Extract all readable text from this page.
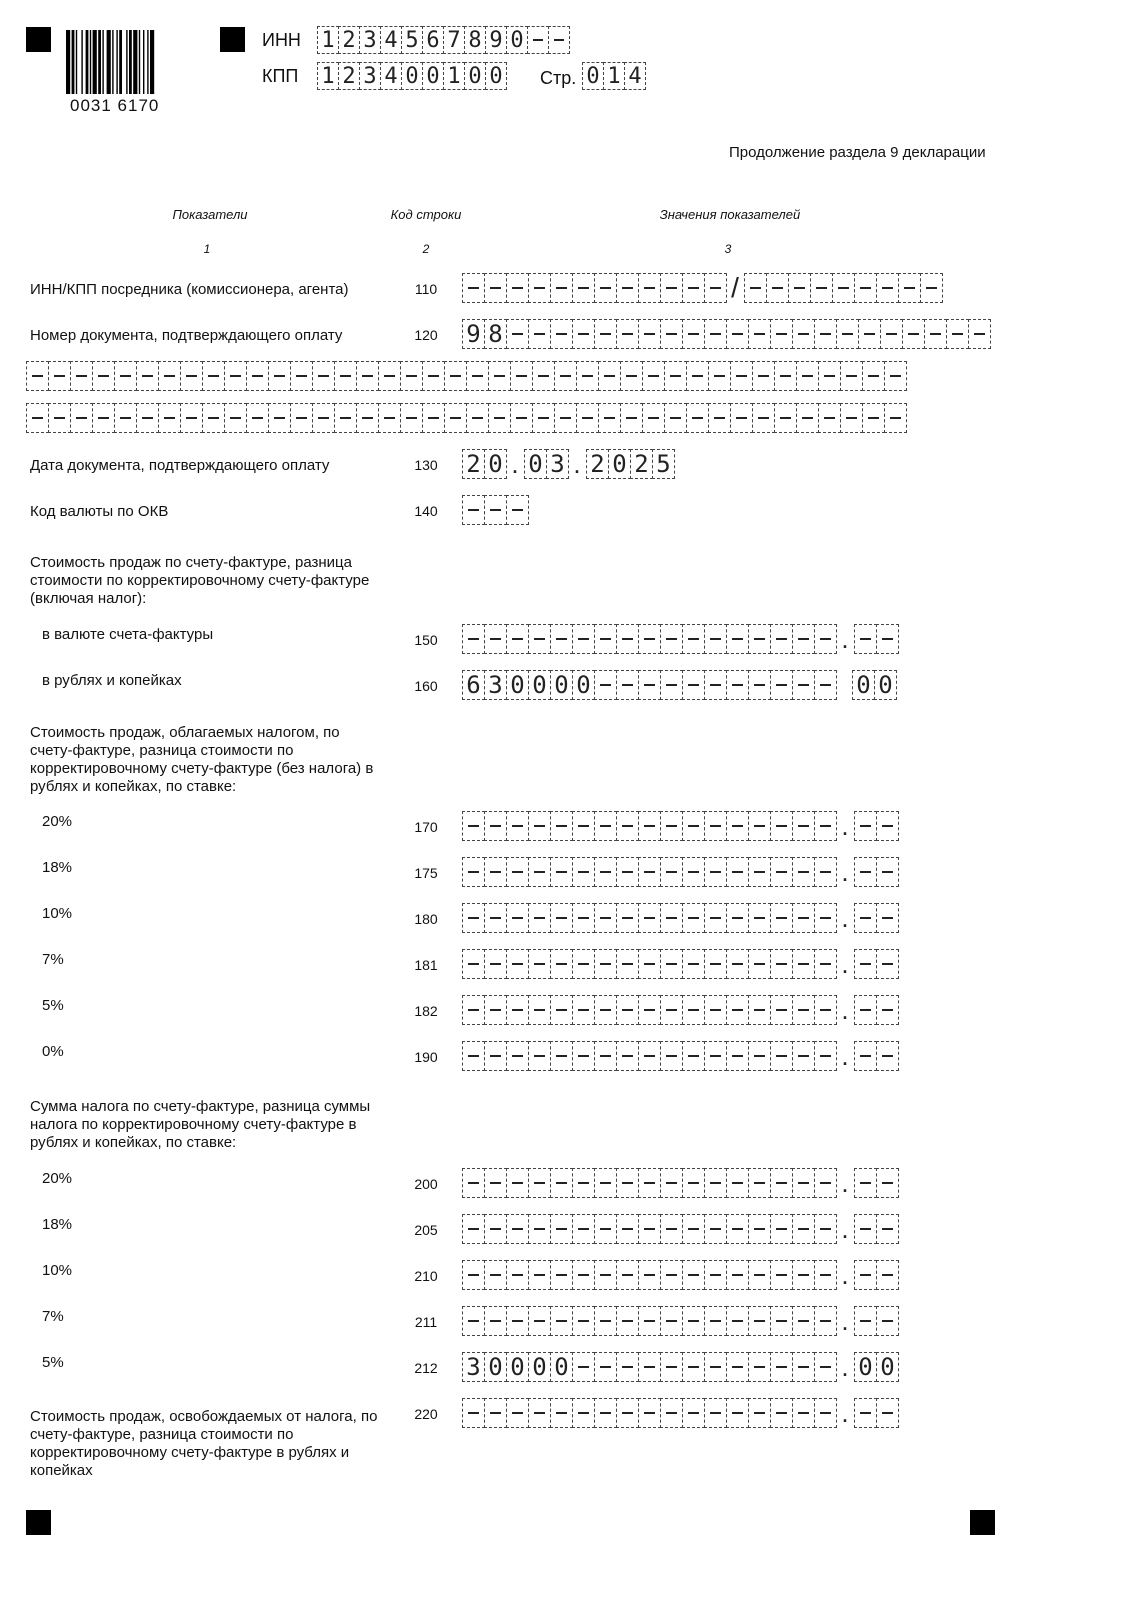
0031 6170
ИНН 1 2 3 4 5 6 7 8 9 0
КПП 1 2 3 4 0 0 1 0 0 Стр. 0 1 4
Продолжение раздела 9 декларации
Показатели	Код строки	Значения показателей
1	2	3
ИНН/КПП посредника (комиссионера, агента)	110	/
Номер документа, подтверждающего оплату	120	9 8
Дата документа, подтверждающего оплату	130	2 0 . 0 3 . 2 0 2 5
Код валюты по ОКВ	140
Стоимость продаж по счету-фактуре, разница
стоимости по корректировочному счету-фактуре
(включая налог):
в валюте счета-фактуры	150	.
в рублях и копейках	160	6 3 0 0 0 0	0 0
Стоимость продаж, облагаемых налогом, по
счету-фактуре, разница стоимости по
корректировочному счету-фактуре (без налога) в
рублях и копейках, по ставке:
20%	170	.
18%	175	.
10%	180	.
7%	181	.
5%	182	.
0%	190	.
Сумма налога по счету-фактуре, разница суммы
налога по корректировочному счету-фактуре в
рублях и копейках, по ставке:
20%	200	.
18%	205	.
10%	210	.
7%	211	.
5%	212	3 0 0 0 0	. 0 0
Стоимость продаж, освобождаемых от налога, по
счету-фактуре, разница стоимости по
корректировочному счету-фактуре в рублях и
копейках
220	.
